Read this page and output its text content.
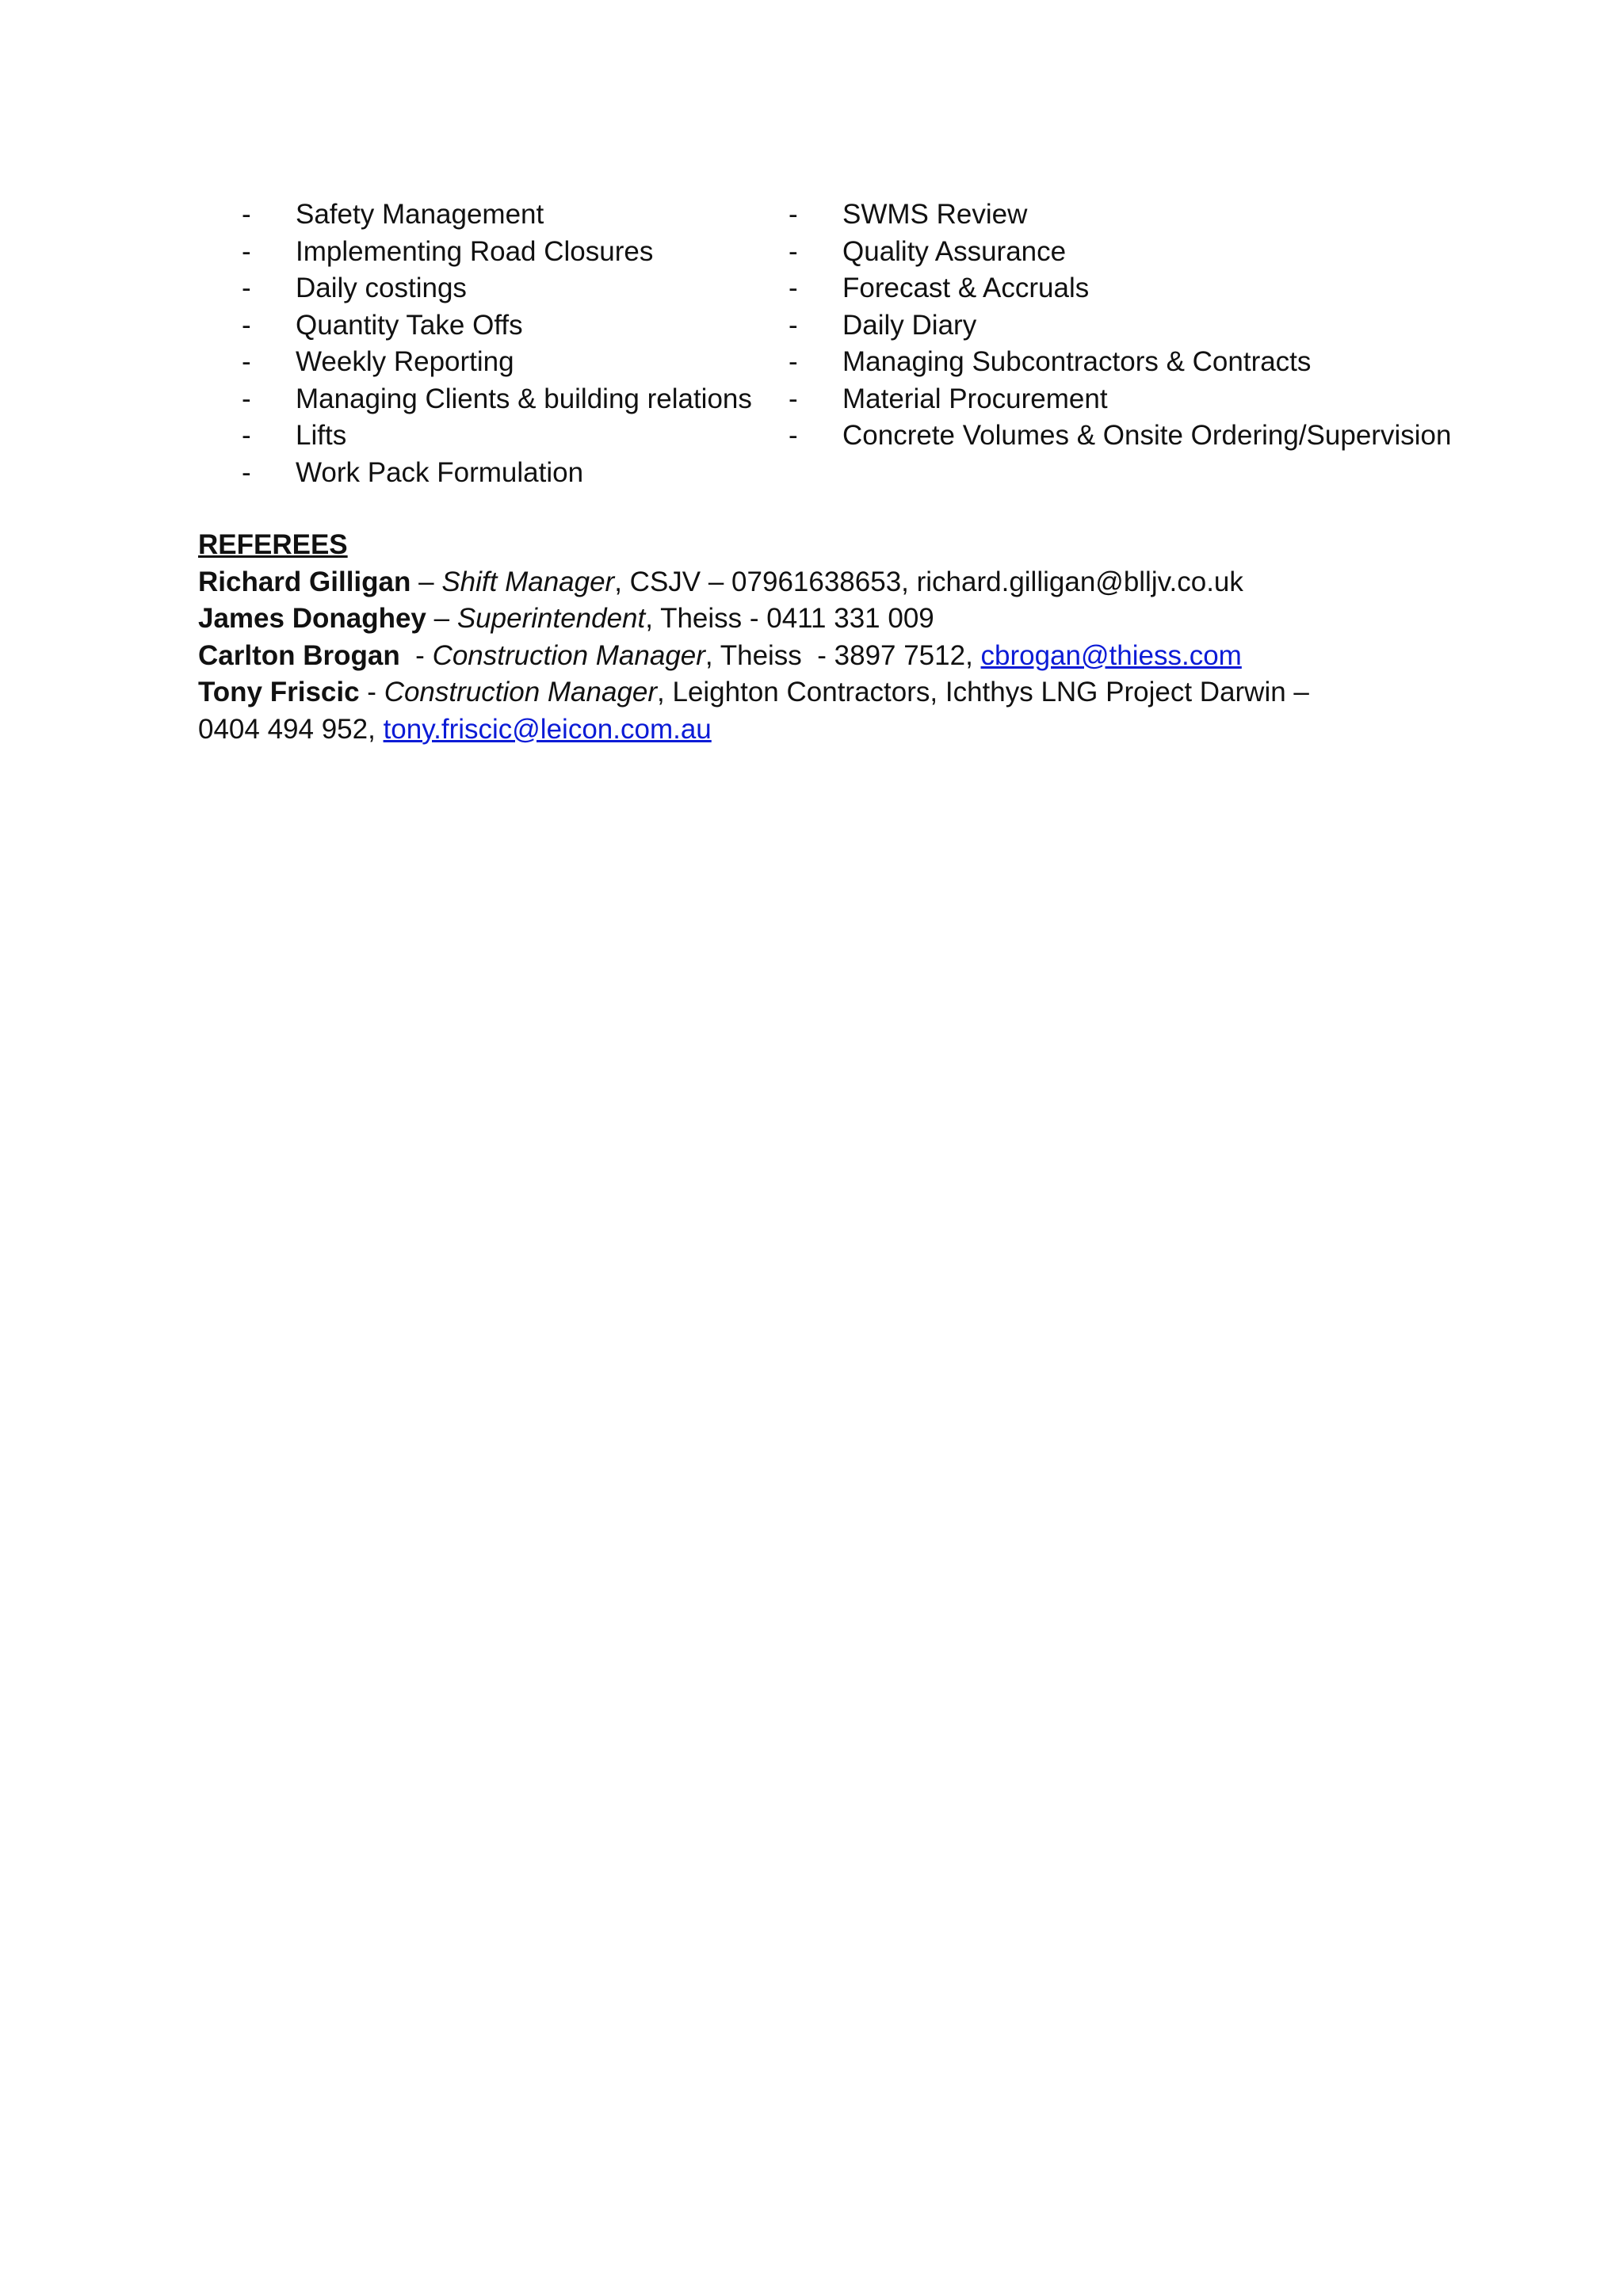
-	Safety Management
-	Implementing Road Closures
-	Daily costings
-	Quantity Take Offs
-	Weekly Reporting
-	Managing Clients & building relations
-	Lifts
-	Work Pack Formulation
-	SWMS Review
-	Quality Assurance
-	Forecast & Accruals
-	Daily Diary
-	Managing Subcontractors & Contracts
-	Material Procurement
-	Concrete Volumes & Onsite Ordering/Supervision
REFEREES
Richard Gilligan – Shift Manager, CSJV – 07961638653, richard.gilligan@blljv.co.uk
James Donaghey – Superintendent, Theiss - 0411 331 009
Carlton Brogan  - Construction Manager, Theiss  - 3897 7512, cbrogan@thiess.com
Tony Friscic - Construction Manager, Leighton Contractors, Ichthys LNG Project Darwin –
0404 494 952, tony.friscic@leicon.com.au
